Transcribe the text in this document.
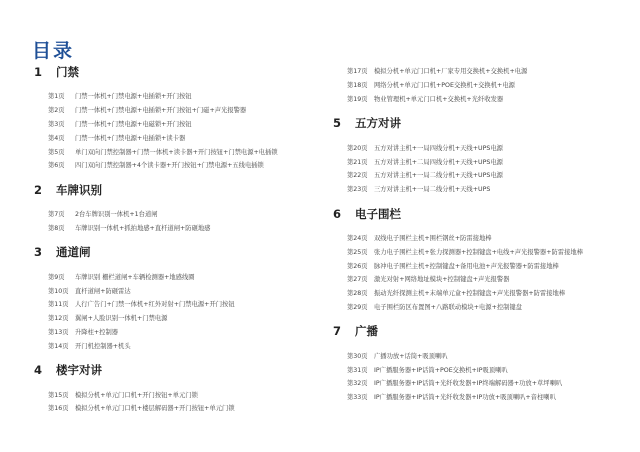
目录
1	门禁
第1页	门禁一体机+门禁电源+电插锁+开门按钮
第2页	门禁一体机+门禁电源+电插锁+开门按钮+门磁+声光报警器
第3页	门禁一体机+门禁电源+电磁锁+开门按钮
第4页	门禁一体机+门禁电源+电插锁+读卡器
第5页	单门双向门禁控制器+门禁一体机+读卡器+开门按钮+门禁电源+电插锁
第6页	四门双向门禁控制器+4个读卡器+开门按钮+门禁电源+五线电插锁
2	车牌识别
第7页	2台车牌识别一体机+1台道闸
第8页	车牌识别一体机+抓拍地感+直杆道闸+防砸地感
3	通道闸
第9页	车牌识别 栅栏道闸+车辆检测器+地感线圈
第10页	直杆道闸+防砸雷达
第11页	人行广告门+门禁一体机+红外对射+门禁电源+开门按钮
第12页	翼闸+人脸识别一体机+门禁电源
第13页	升降柱+控制器
第14页	开门机控制器+机头
4	楼宇对讲
第15页	模拟分机+单元门口机+开门按钮+单元门锁
第16页	模拟分机+单元门口机+楼层解码器+开门按钮+单元门锁
第17页	模拟分机+单元门口机+厂家专用交换机+交换机+电源
第18页	网络分机+单元门口机+POE交换机+交换机+电源
第19页	物业管理机+单元门口机+交换机+光纤收发器
5	五方对讲
第20页	五方对讲主机+一局四线分机+天线+UPS电源
第21页	五方对讲主机+二局四线分机+天线+UPS电源
第22页	五方对讲主机+一局二线分机+天线+UPS电源
第23页	三方对讲主机+一局二线分机+天线+UPS
6	电子围栏
第24页	双线电子围栏主机+围栏钢丝+防雷接地棒
第25页	张力电子围栏主机+张力探测器+控制键盘+电线+声光报警器+防雷接地棒
第26页	脉冲电子围栏主机+控制键盘+备用电池+声光报警器+防雷接地棒
第27页	激光对射+网络地址模块+控制键盘+声光报警器
第28页	振动光纤探测主机+末端单元盒+控制键盘+声光报警器+防雷接地棒
第29页	电子围栏防区布置图+八路联动模块+电源+控制键盘
7	广播
第30页	广播功放+话筒+吸顶喇叭
第31页	IP广播服务器+IP话筒+POE交换机+IP吸顶喇叭
第32页	IP广播服务器+IP话筒+光纤收发器+IP终端解码器+功放+草坪喇叭
第33页	IP广播服务器+IP话筒+光纤收发器+IP功放+吸顶喇叭+音柱喇叭
